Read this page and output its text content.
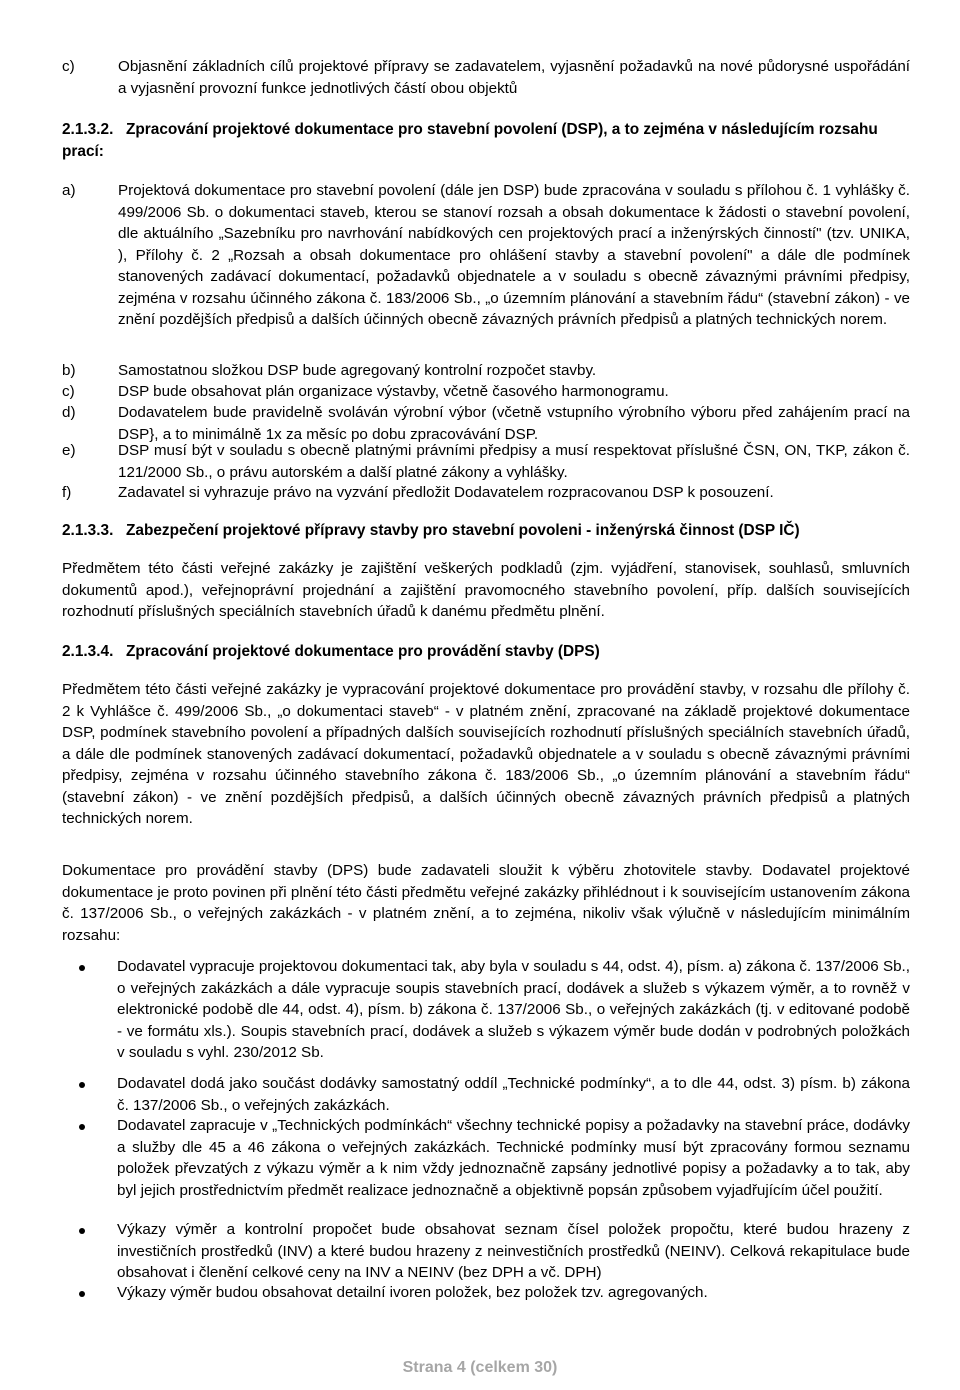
c)	Objasnění základních cílů projektové přípravy se zadavatelem, vyjasnění požadavků na nové půdorysné uspořádání a vyjasnění provozní funkce jednotlivých částí obou objektů
2.1.3.2. Zpracování projektové dokumentace pro stavební povolení (DSP), a to zejména v následujícím rozsahu prací:
a)	Projektová dokumentace pro stavební povolení (dále jen DSP) bude zpracována v souladu s přílohou č. 1 vyhlášky č. 499/2006 Sb. o dokumentaci staveb, kterou se stanoví rozsah a obsah dokumentace k žádosti o stavební povolení, dle aktuálního „Sazebníku pro navrhování nabídkových cen projektových prací a inženýrských činností" (tzv. UNIKA, ), Přílohy č. 2 „Rozsah a obsah dokumentace pro ohlášení stavby a stavební povolení" a dále dle podmínek stanovených zadávací dokumentací, požadavků objednatele a v souladu s obecně závaznými právními předpisy, zejména v rozsahu účinného zákona č. 183/2006 Sb., „o územním plánování a stavebním řádu“ (stavební zákon) - ve znění pozdějších předpisů a dalších účinných obecně závazných právních předpisů a platných technických norem.
b)	Samostatnou složkou DSP bude agregovaný kontrolní rozpočet stavby.
c)	DSP bude obsahovat plán organizace výstavby, včetně časového harmonogramu.
d)	Dodavatelem bude pravidelně svoláván výrobní výbor (včetně vstupního výrobního výboru před zahájením prací na DSP}, a to minimálně 1x za měsíc po dobu zpracovávání DSP.
e)	DSP musí být v souladu s obecně platnými právními předpisy a musí respektovat příslušné ČSN, ON, TKP, zákon č. 121/2000 Sb., o právu autorském a další platné zákony a vyhlášky.
f)	Zadavatel si vyhrazuje právo na vyzvání předložit Dodavatelem rozpracovanou DSP k posouzení.
2.1.3.3. Zabezpečení projektové přípravy stavby pro stavební povoleni - inženýrská činnost (DSP IČ)

Předmětem této části veřejné zakázky je zajištění veškerých podkladů (zjm. vyjádření, stanovisek, souhlasů, smluvních dokumentů apod.), veřejnoprávní projednání a zajištění pravomocného stavebního povolení, příp. dalších souvisejících rozhodnutí příslušných speciálních stavebních úřadů k danému předmětu plnění.

2.1.3.4. Zpracování projektové dokumentace pro provádění stavby (DPS)

Předmětem této části veřejné zakázky je vypracování projektové dokumentace pro provádění stavby, v rozsahu dle přílohy č. 2 k Vyhlášce č. 499/2006 Sb., „o dokumentaci staveb“ - v platném znění, zpracované na základě projektové dokumentace DSP, podmínek stavebního povolení a případných dalších souvisejících rozhodnutí příslušných speciálních stavebních úřadů, a dále dle podmínek stanovených zadávací dokumentací, požadavků objednatele a v souladu s obecně závaznými právními předpisy, zejména v rozsahu účinného stavebního zákona č. 183/2006 Sb., „o územním plánování a stavebním řádu“ (stavební zákon) - ve znění pozdějších předpisů, a dalších účinných obecně závazných právních předpisů a platných technických norem.

Dokumentace pro provádění stavby (DPS) bude zadavateli sloužit k výběru zhotovitele stavby. Dodavatel projektové dokumentace je proto povinen při plnění této části předmětu veřejné zakázky přihlédnout i k souvisejícím ustanovením zákona č. 137/2006 Sb., o veřejných zakázkách - v platném znění, a to zejména, nikoliv však výlučně v následujícím minimálním rozsahu:

Dodavatel vypracuje projektovou dokumentaci tak, aby byla v souladu s 44, odst. 4), písm. a) zákona č. 137/2006 Sb., o veřejných zakázkách a dále vypracuje soupis stavebních prací, dodávek a služeb s výkazem výměr, a to rovněž v elektronické podobě dle 44, odst. 4), písm. b) zákona č. 137/2006 Sb., o veřejných zakázkách (tj. v editované podobě - ve formátu xls.). Soupis stavebních prací, dodávek a služeb s výkazem výměr bude dodán v podrobných položkách v souladu s vyhl. 230/2012 Sb.
Dodavatel dodá jako součást dodávky samostatný oddíl „Technické podmínky“, a to dle 44, odst. 3) písm. b) zákona č. 137/2006 Sb., o veřejných zakázkách.
Dodavatel zapracuje v „Technických podmínkách“ všechny technické popisy a požadavky na stavební práce, dodávky a služby dle 45 a 46 zákona o veřejných zakázkách. Technické podmínky musí být zpracovány formou seznamu položek převzatých z výkazu výměr a k nim vždy jednoznačně zapsány jednotlivé popisy a požadavky a to tak, aby byl jejich prostřednictvím předmět realizace jednoznačně a objektivně popsán způsobem vyjadřujícím účel použití.
Výkazy výměr a kontrolní propočet bude obsahovat seznam čísel položek propočtu, které budou hrazeny z investičních prostředků (INV) a které budou hrazeny z neinvestičních prostředků (NEINV). Celková rekapitulace bude obsahovat i členění celkové ceny na INV a NEINV (bez DPH a vč. DPH)
Výkazy výměr budou obsahovat detailní ivoren položek, bez položek tzv. agregovaných.
Strana 4 (celkem 30)
